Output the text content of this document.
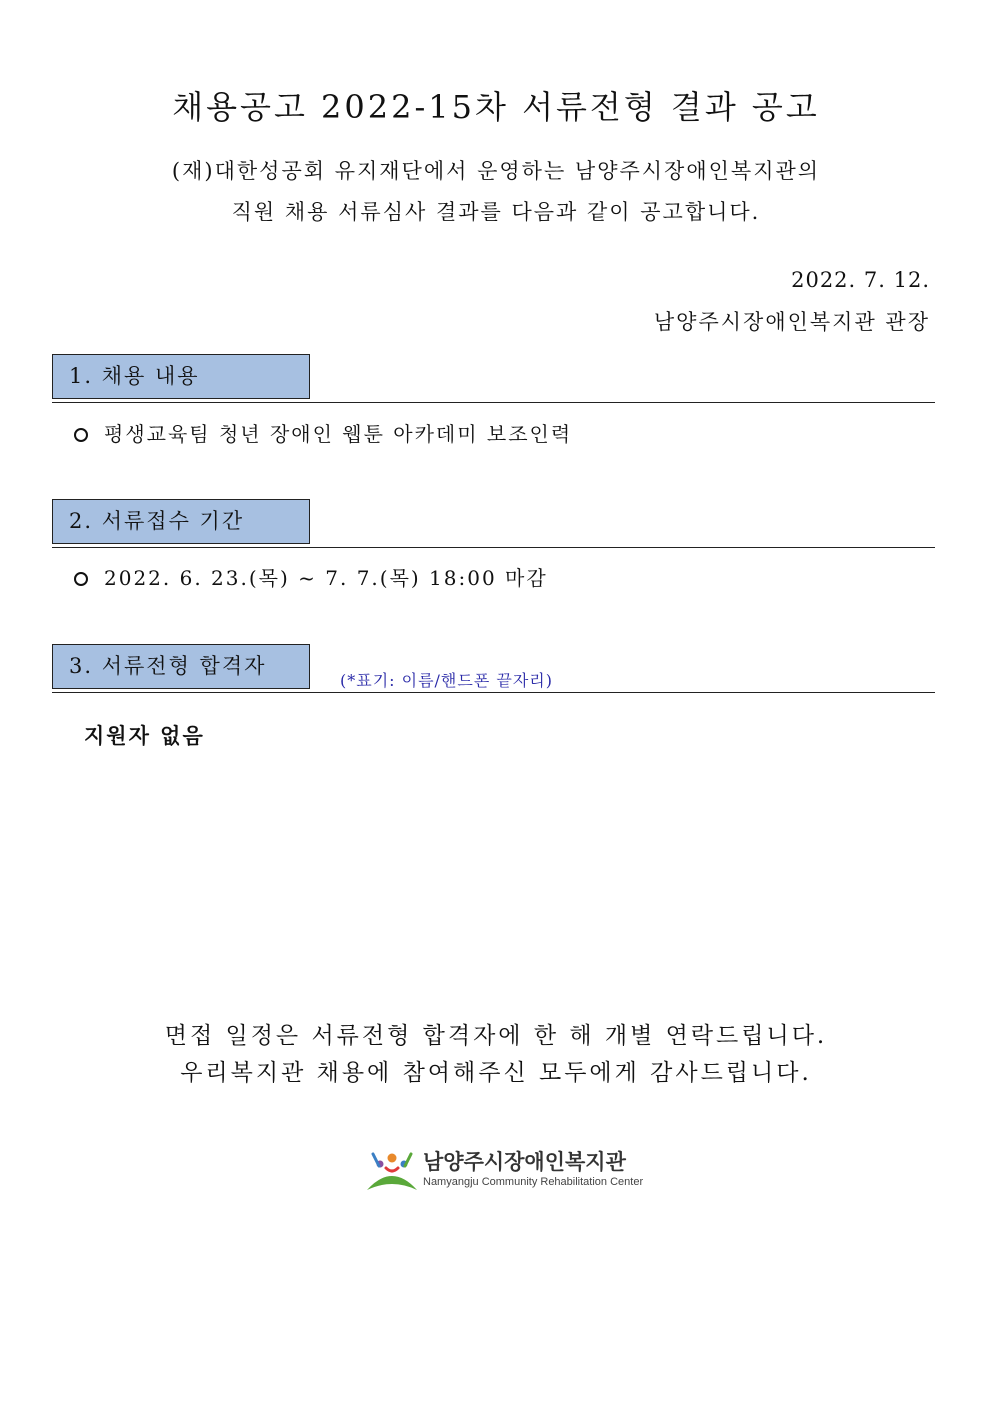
채용공고 2022-15차 서류전형 결과 공고
(재)대한성공회 유지재단에서 운영하는 남양주시장애인복지관의
직원 채용 서류심사 결과를 다음과 같이 공고합니다.
2022. 7. 12.
남양주시장애인복지관 관장
1. 채용 내용
평생교육팀 청년 장애인 웹툰 아카데미 보조인력
2. 서류접수 기간
2022. 6. 23.(목) ~ 7. 7.(목) 18:00 마감
3. 서류전형 합격자
(*표기: 이름/핸드폰 끝자리)
지원자 없음
면접 일정은 서류전형 합격자에 한 해 개별 연락드립니다.
우리복지관 채용에 참여해주신 모두에게 감사드립니다.
남양주시장애인복지관
Namyangju Community Rehabilitation Center
